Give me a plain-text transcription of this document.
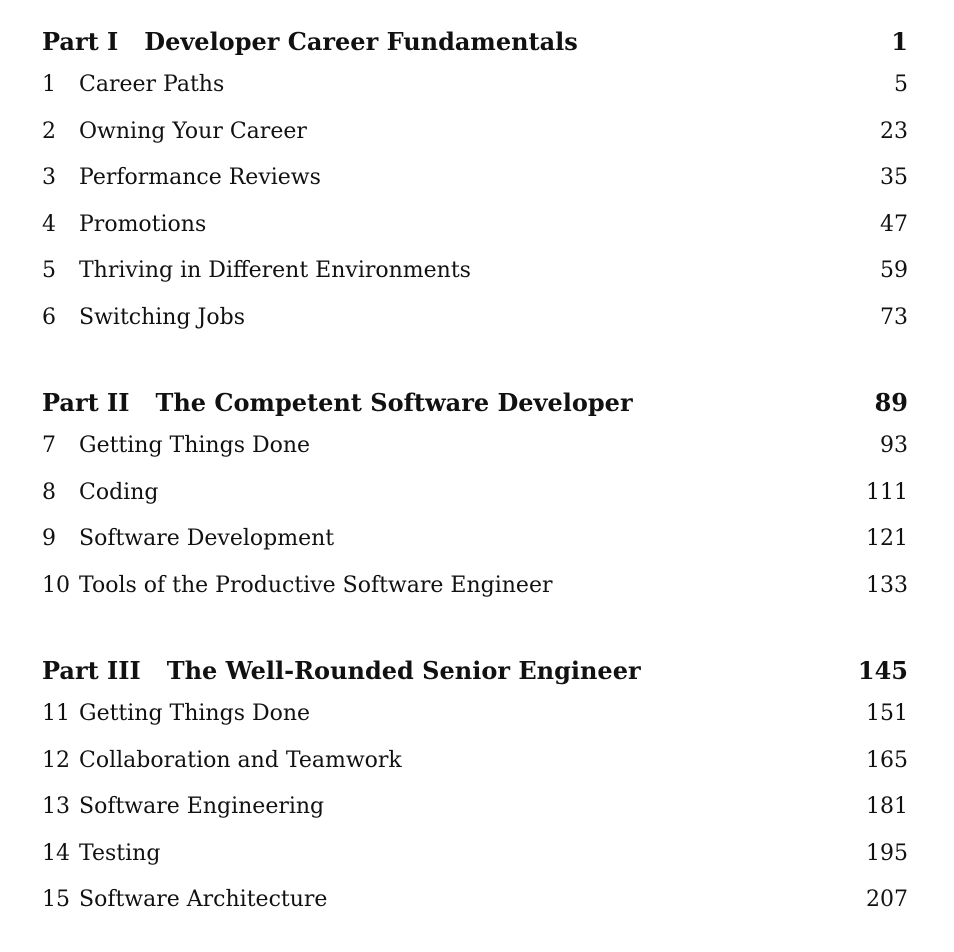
Part I Developer Career Fundamentals	1
1	Career Paths	5
2	Owning Your Career	23
3	Performance Reviews	35
4	Promotions	47
5	Thriving in Different Environments	59
6	Switching Jobs	73
Part II The Competent Software Developer	89
7	Getting Things Done	93
8	Coding	111
9	Software Development	121
10 Tools of the Productive Software Engineer	133
Part III The Well-Rounded Senior Engineer	145
11 Getting Things Done	151
12 Collaboration and Teamwork	165
13 Software Engineering	181
14 Testing	195
15 Software Architecture	207
